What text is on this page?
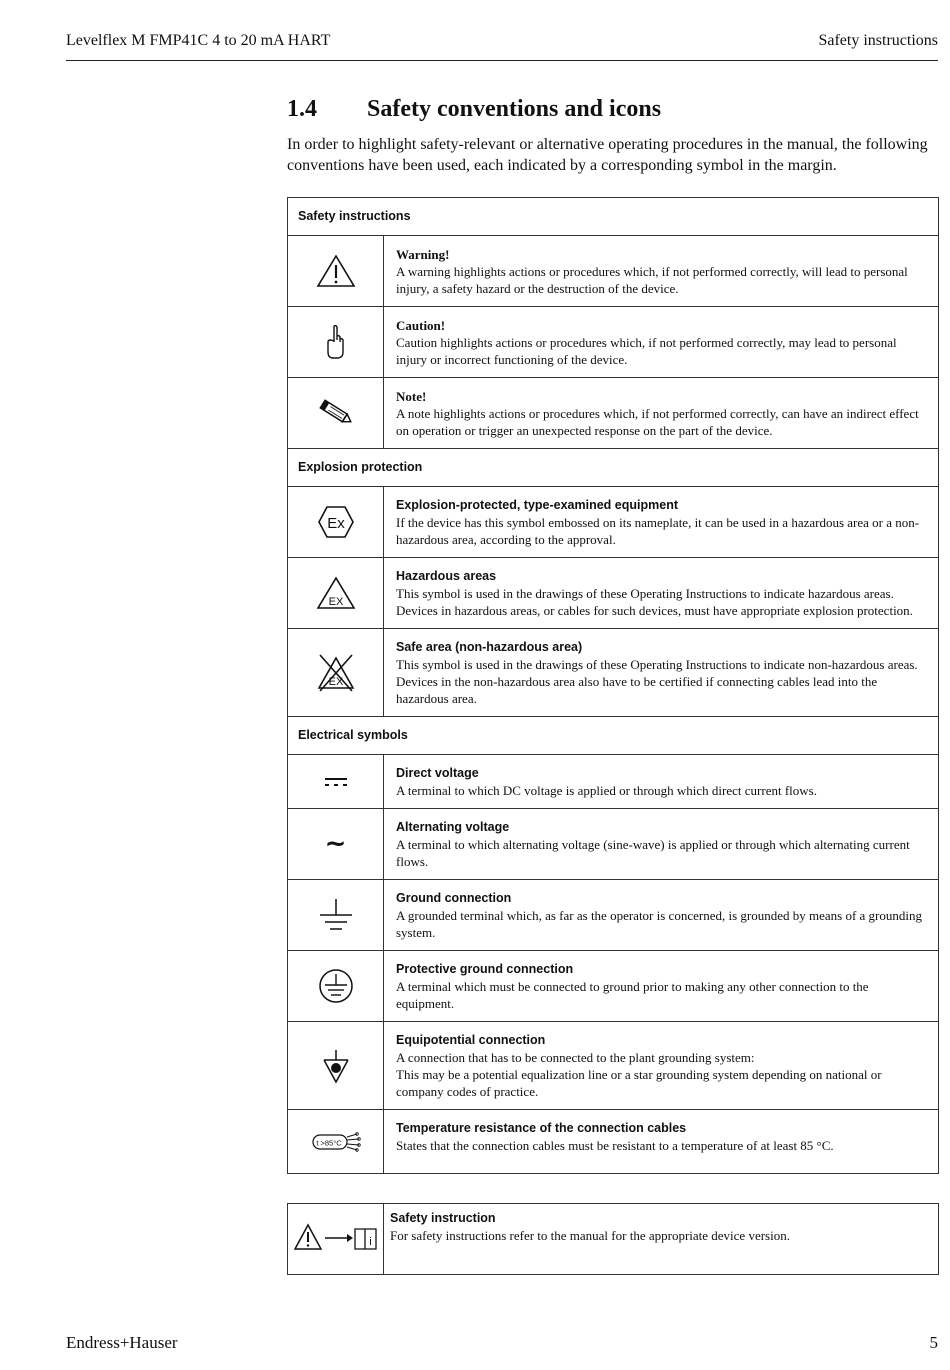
Levelflex M FMP41C 4 to 20 mA HART	Safety instructions
1.4 Safety conventions and icons

In order to highlight safety-relevant or alternative operating procedures in the manual, the following conventions have been used, each indicated by a corresponding symbol in the margin.

Safety instructions	

Warning!
A warning highlights actions or procedures which, if not performed correctly, will lead to personal injury, a safety hazard or the destruction of the device.

Caution!
Caution highlights actions or procedures which, if not performed correctly, may lead to personal injury or incorrect functioning of the device.

Note!
A note highlights actions or procedures which, if not performed correctly, can have an indirect effect on operation or trigger an unexpected response on the part of the device.

Explosion protection	

Ex	Explosion-protected, type-examined equipment
If the device has this symbol embossed on its nameplate, it can be used in a hazardous area or a non-hazardous area, according to the approval.

EX	Hazardous areas
This symbol is used in the drawings of these Operating Instructions to indicate hazardous areas. Devices in hazardous areas, or cables for such devices, must have appropriate explosion protection.

EX	Safe area (non-hazardous area)
This symbol is used in the drawings of these Operating Instructions to indicate non-hazardous areas. Devices in the non-hazardous area also have to be certified if connecting cables lead into the hazardous area.

Electrical symbols	

Direct voltage
A terminal to which DC voltage is applied or through which direct current flows.

~	Alternating voltage
A terminal to which alternating voltage (sine-wave) is applied or through which alternating current flows.

Ground connection
A grounded terminal which, as far as the operator is concerned, is grounded by means of a grounding system.

Protective ground connection
A terminal which must be connected to ground prior to making any other connection to the equipment.

Equipotential connection
A connection that has to be connected to the plant grounding system:
This may be a potential equalization line or a star grounding system depending on national or company codes of practice.

t >85°C	Temperature resistance of the connection cables
States that the connection cables must be resistant to a temperature of at least 85 °C.
i

Safety instruction
For safety instructions refer to the manual for the appropriate device version.
Endress+Hauser	5
